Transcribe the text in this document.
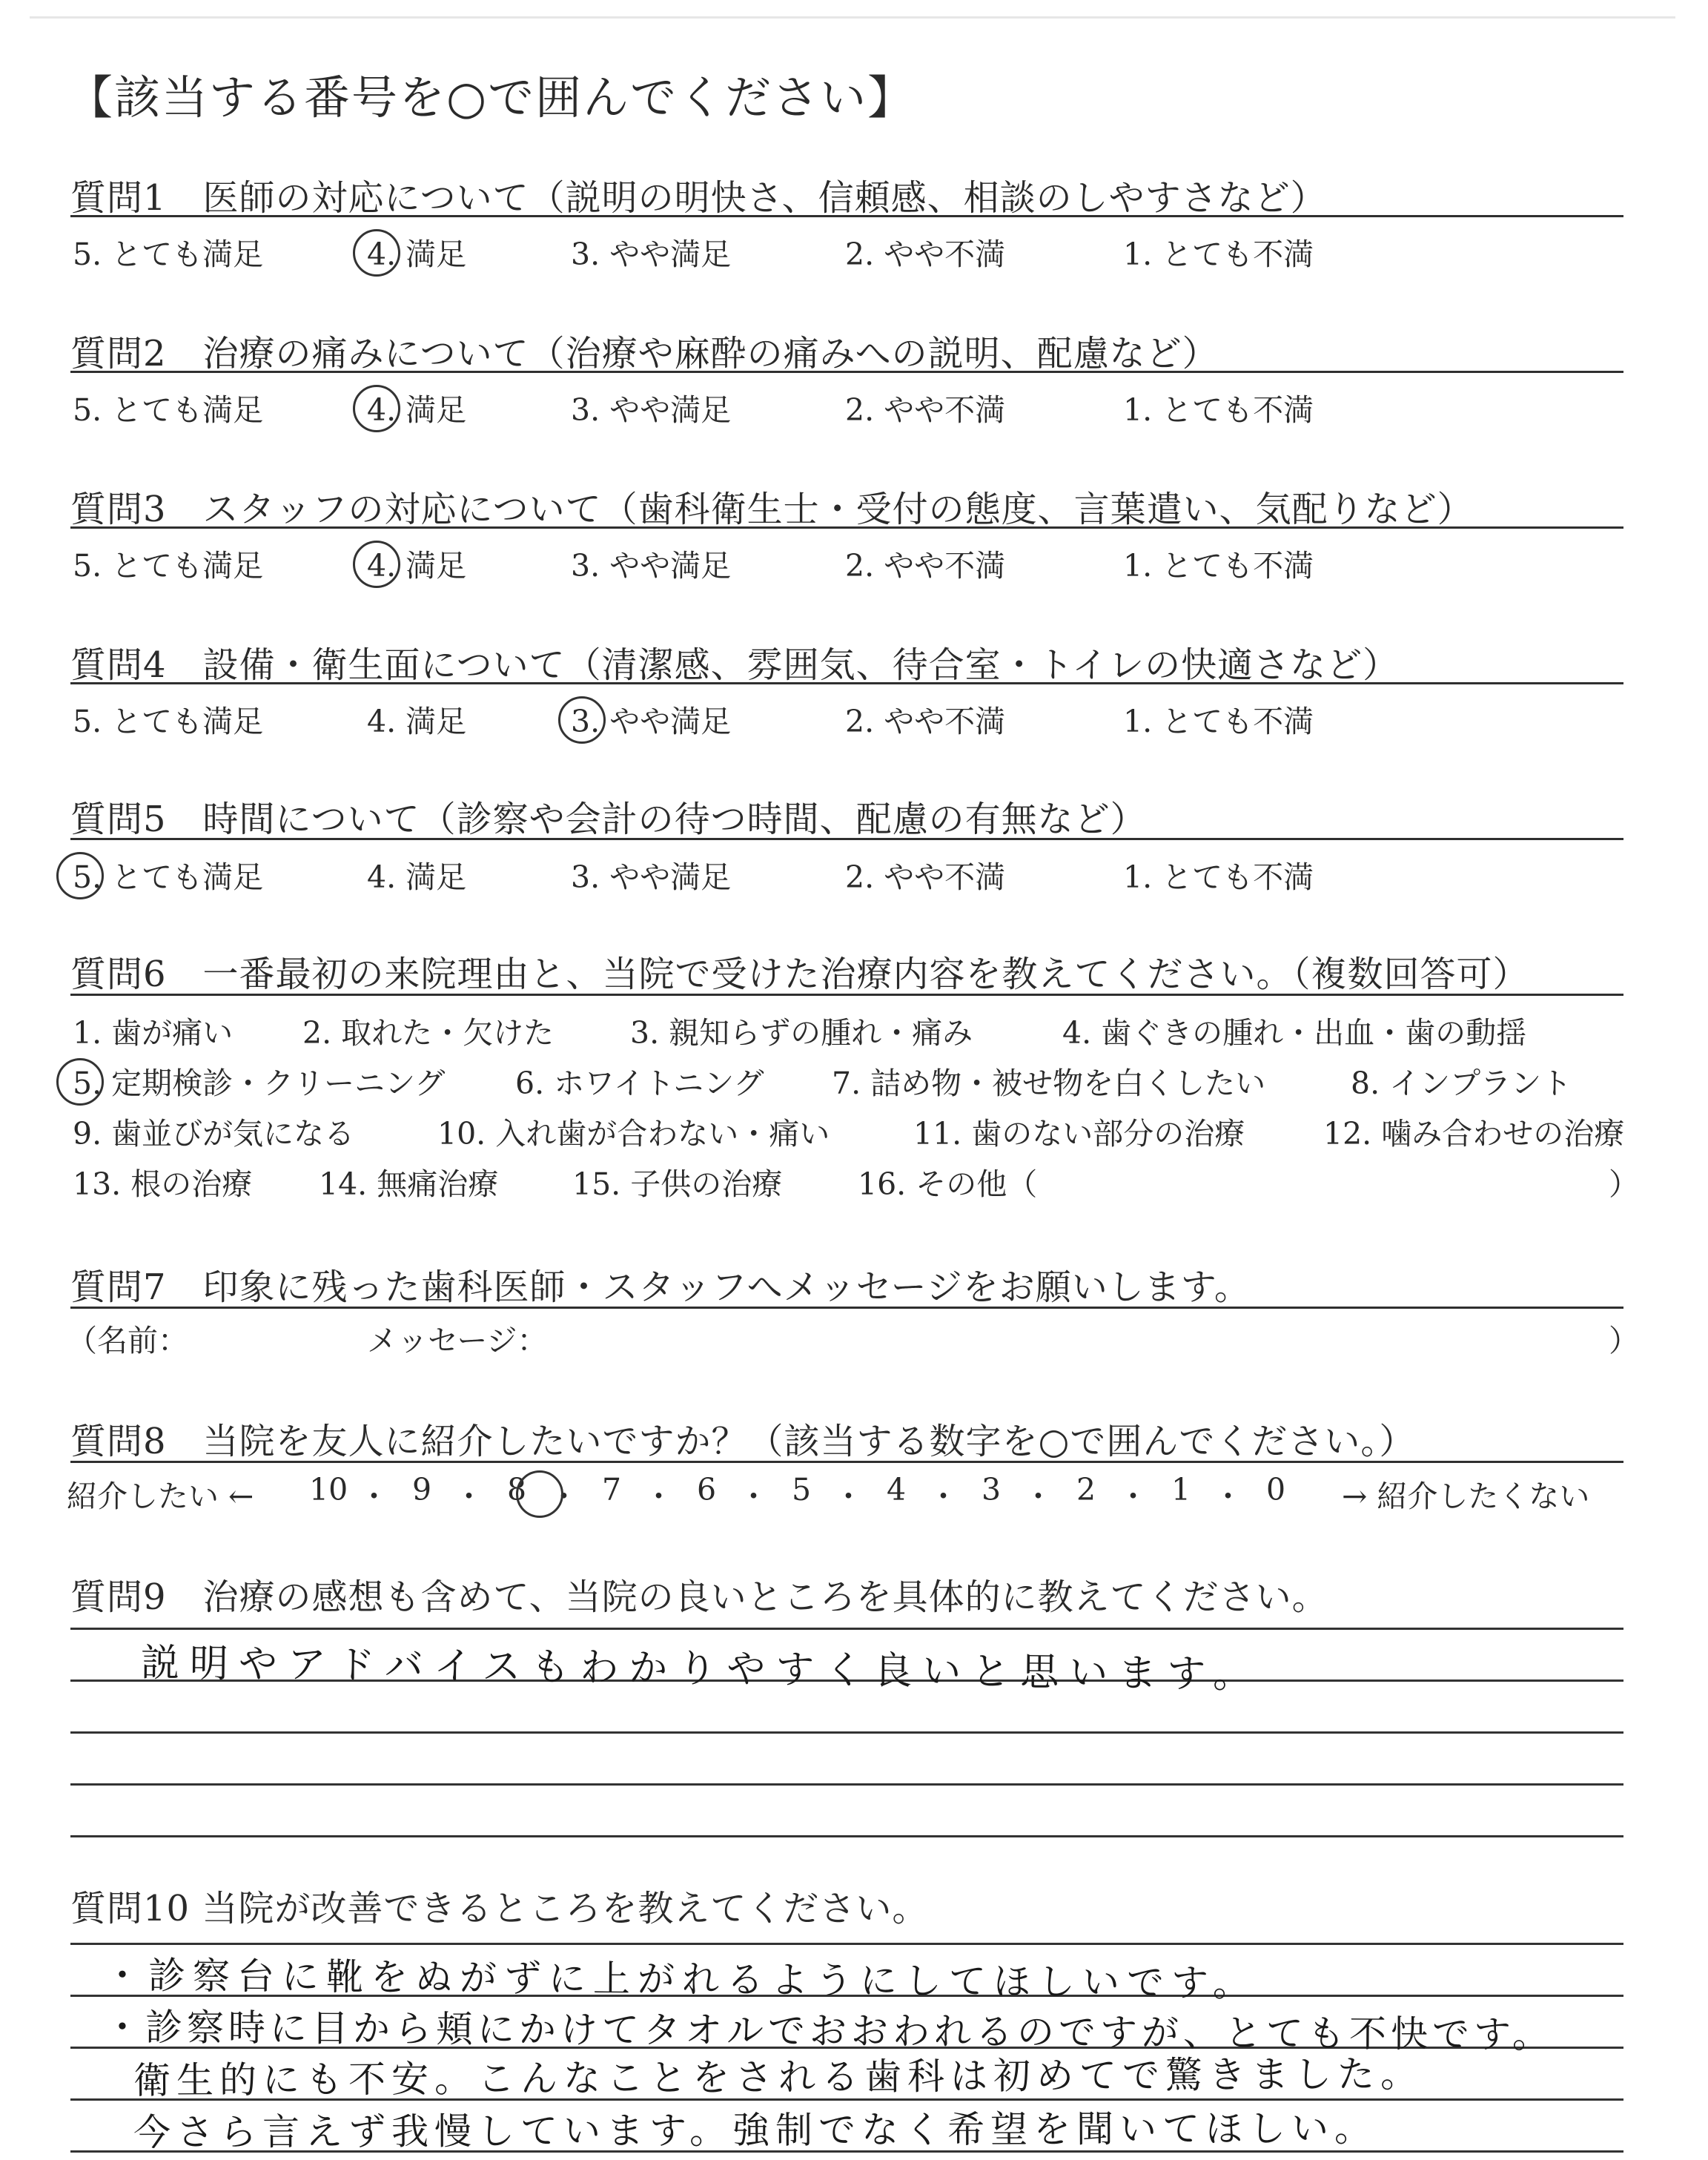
【該当する番号を○で囲んでください】
質問1　医師の対応について（説明の明快さ、信頼感、相談のしやすさなど）
5. とても満足	4. 満足	3. やや満足	2. やや不満	1. とても不満
質問2　治療の痛みについて（治療や麻酔の痛みへの説明、配慮など）
5. とても満足	4. 満足	3. やや満足	2. やや不満	1. とても不満
質問3　スタッフの対応について（歯科衛生士・受付の態度、言葉遣い、気配りなど）
5. とても満足	4. 満足	3. やや満足	2. やや不満	1. とても不満
質問4　設備・衛生面について（清潔感、雰囲気、待合室・トイレの快適さなど）
5. とても満足	4. 満足	3. やや満足	2. やや不満	1. とても不満
質問5　時間について（診察や会計の待つ時間、配慮の有無など）
5. とても満足	4. 満足	3. やや満足	2. やや不満	1. とても不満
質問6　一番最初の来院理由と、当院で受けた治療内容を教えてください。（複数回答可）
1. 歯が痛い 2. 取れた・欠けた	3. 親知らずの腫れ・痛み	4. 歯ぐきの腫れ・出血・歯の動揺
5. 定期検診・クリーニング 6. ホワイトニング 7. 詰め物・被せ物を白くしたい	8. インプラント
9. 歯並びが気になる	10. 入れ歯が合わない・痛い	11. 歯のない部分の治療	12. 噛み合わせの治療
13. 根の治療 14. 無痛治療 15. 子供の治療 16. その他（	）
質問7　印象に残った歯科医師・スタッフへメッセージをお願いします。
（名前：	メッセージ：	）
質問8　当院を友人に紹介したいですか？（該当する数字を○で囲んでください。）
紹介したい ←	→ 紹介したくない
10 ・ 9 ・ 8 ・ 7 ・ 6 ・ 5 ・ 4 ・ 3 ・ 2 ・ 1 ・ 0
質問9　治療の感想も含めて、当院の良いところを具体的に教えてください。
説明やアドバイスもわかりやすく良いと思います。
質問10 当院が改善できるところを教えてください。
・診察台に靴をぬがずに上がれるようにしてほしいです。
・診察時に目から頬にかけてタオルでおおわれるのですが、とても不快です。
衛生的にも不安。こんなことをされる歯科は初めてで驚きました。
今さら言えず我慢しています。強制でなく希望を聞いてほしい。
